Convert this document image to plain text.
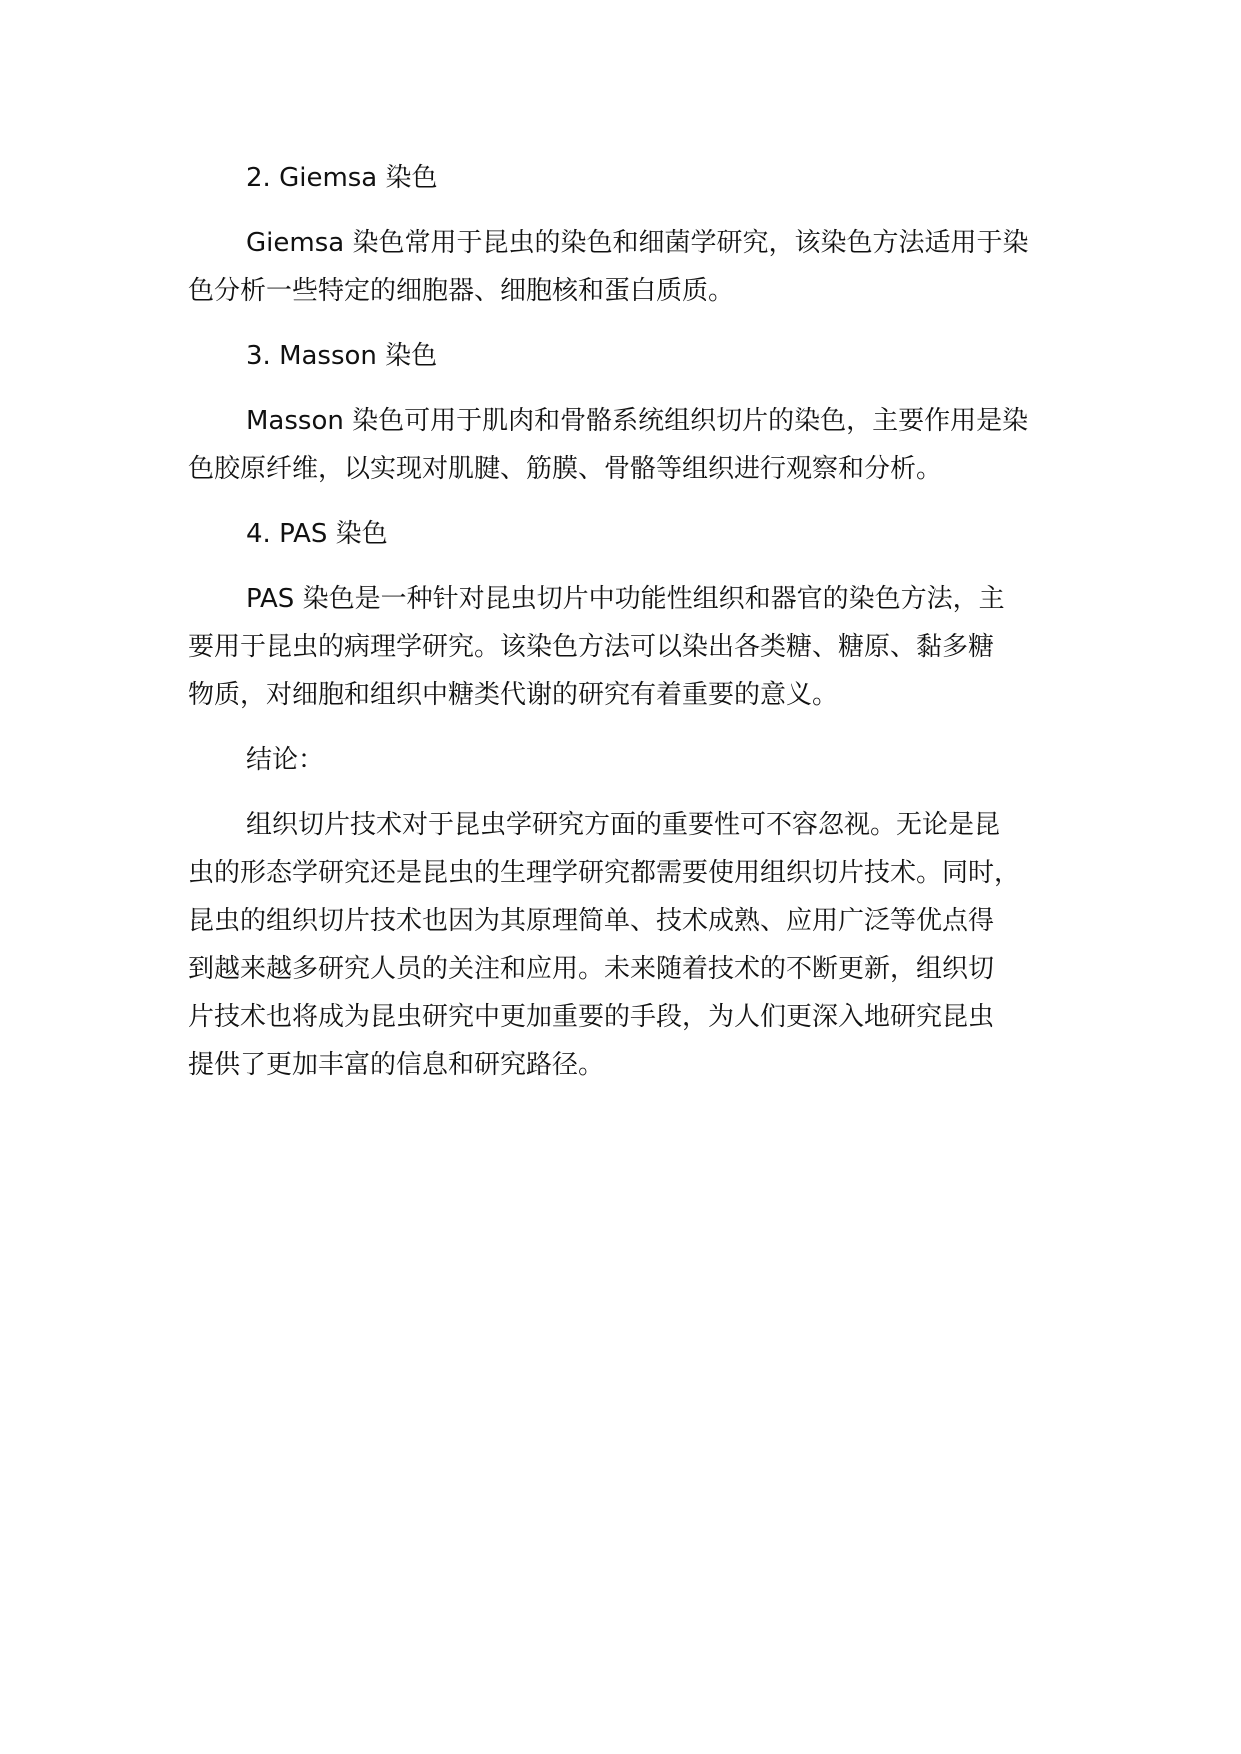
2. Giemsa 染色
Giemsa 染色常用于昆虫的染色和细菌学研究，该染色方法适用于染
色分析一些特定的细胞器、细胞核和蛋白质质。
3. Masson 染色
Masson 染色可用于肌肉和骨骼系统组织切片的染色，主要作用是染
色胶原纤维，以实现对肌腱、筋膜、骨骼等组织进行观察和分析。
4. PAS 染色
PAS 染色是一种针对昆虫切片中功能性组织和器官的染色方法，主
要用于昆虫的病理学研究。该染色方法可以染出各类糖、糖原、黏多糖
物质，对细胞和组织中糖类代谢的研究有着重要的意义。
结论：
组织切片技术对于昆虫学研究方面的重要性可不容忽视。无论是昆
虫的形态学研究还是昆虫的生理学研究都需要使用组织切片技术。同时，
昆虫的组织切片技术也因为其原理简单、技术成熟、应用广泛等优点得
到越来越多研究人员的关注和应用。未来随着技术的不断更新，组织切
片技术也将成为昆虫研究中更加重要的手段，为人们更深入地研究昆虫
提供了更加丰富的信息和研究路径。
